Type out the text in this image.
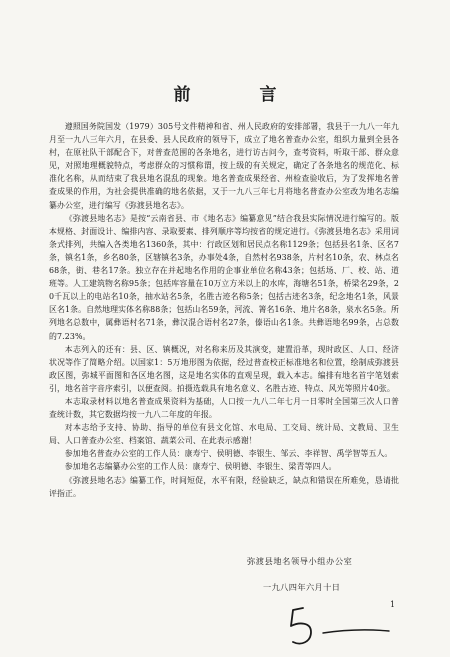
前　言

遵照国务院国发（1979）305号文件精神和省、州人民政府的安排部署，我县于一九八一年九月至一九八三年六月，在县委、县人民政府的领导下，成立了地名普查办公室，组织力量到全县各村，在原社队干部配合下，对普查范围的各条地名，进行访古问今，查考资料，听取干部、群众意见，对照地理概貌特点，考虑群众的习惯称谓，按上级的有关规定，确定了各条地名的规范化、标准化名称，从而结束了我县地名混乱的现象。地名普查成果经省、州检查验收后，为了发挥地名普查成果的作用，为社会提供准确的地名依据，又于一九八三年七月将地名普查办公室改为地名志编纂办公室，进行编写《弥渡县地名志》。

《弥渡县地名志》是按“云南省县、市《地名志》编纂意见”结合我县实际情况进行编写的。版本规格、封面设计、编排内容、录取要素、排列顺序等均按省的规定进行。《弥渡县地名志》采用词条式排列，共编入各类地名1360条，其中：行政区划和居民点名称1129条；包括县名1条、区名7条，镇名1条，乡名80条，区辖镇名3条，办事处4条，自然村名938条，片村名10条，农、林点名68条，街、巷名17条。独立存在并起地名作用的企事业单位名称43条；包括场、厂、校、站、道班等。人工建筑物名称95条；包括库容量在10万立方米以上的水库，海塘名51条，桥梁名29条，20千瓦以上的电站名10条，抽水站名5条，名胜古迹名称5条；包括古迹名3条，纪念地名1条，风景区名1条。自然地理实体名称88条；包括山名59条，河流、箐名16条、地片名8条，泉水名5条。所列地名总数中，属彝语村名71条，彝汉混合语村名27条，傣语山名1条。共彝语地名99条，占总数的7.23%。

本志列入的还有：县、区、镇概况，对名称来历及其演变，建置沿革，现时政区、人口、经济状况等作了简略介绍。以国家1：5万地形图为依据，经过普查校正标准地名和位置，绘制成弥渡县政区图，弥城平面图和各区地名图，这是地名实体的直观呈现，载入本志。编排有地名首字笔划索引，地名首字音序索引，以便查阅。拍摄选载具有地名意义、名胜古迹、特点、风光等照片40张。

本志取录材料以地名普查成果资料为基础，人口按一九八二年七月一日零时全国第三次人口普查统计数，其它数据均按一九八二年度的年报。

对本志给予支持、协助、指导的单位有县文化馆、水电局、工交局、统计局、文教局、卫生局、人口普查办公室、档案馆、蔬菜公司、在此表示感谢！

参加地名普查办公室的工作人员：康寿宁、侯明德、李银生、邹云、李祥智、禹学智等五人。

参加地名志编纂办公室的工作人员：康寿宁、侯明德、李银生、梁青等四人。

《弥渡县地名志》编纂工作，时间短促，水平有限，经验缺乏，缺点和错误在所难免，恳请批评指正。

弥渡县地名领导小组办公室
一九八四年六月十日
1
